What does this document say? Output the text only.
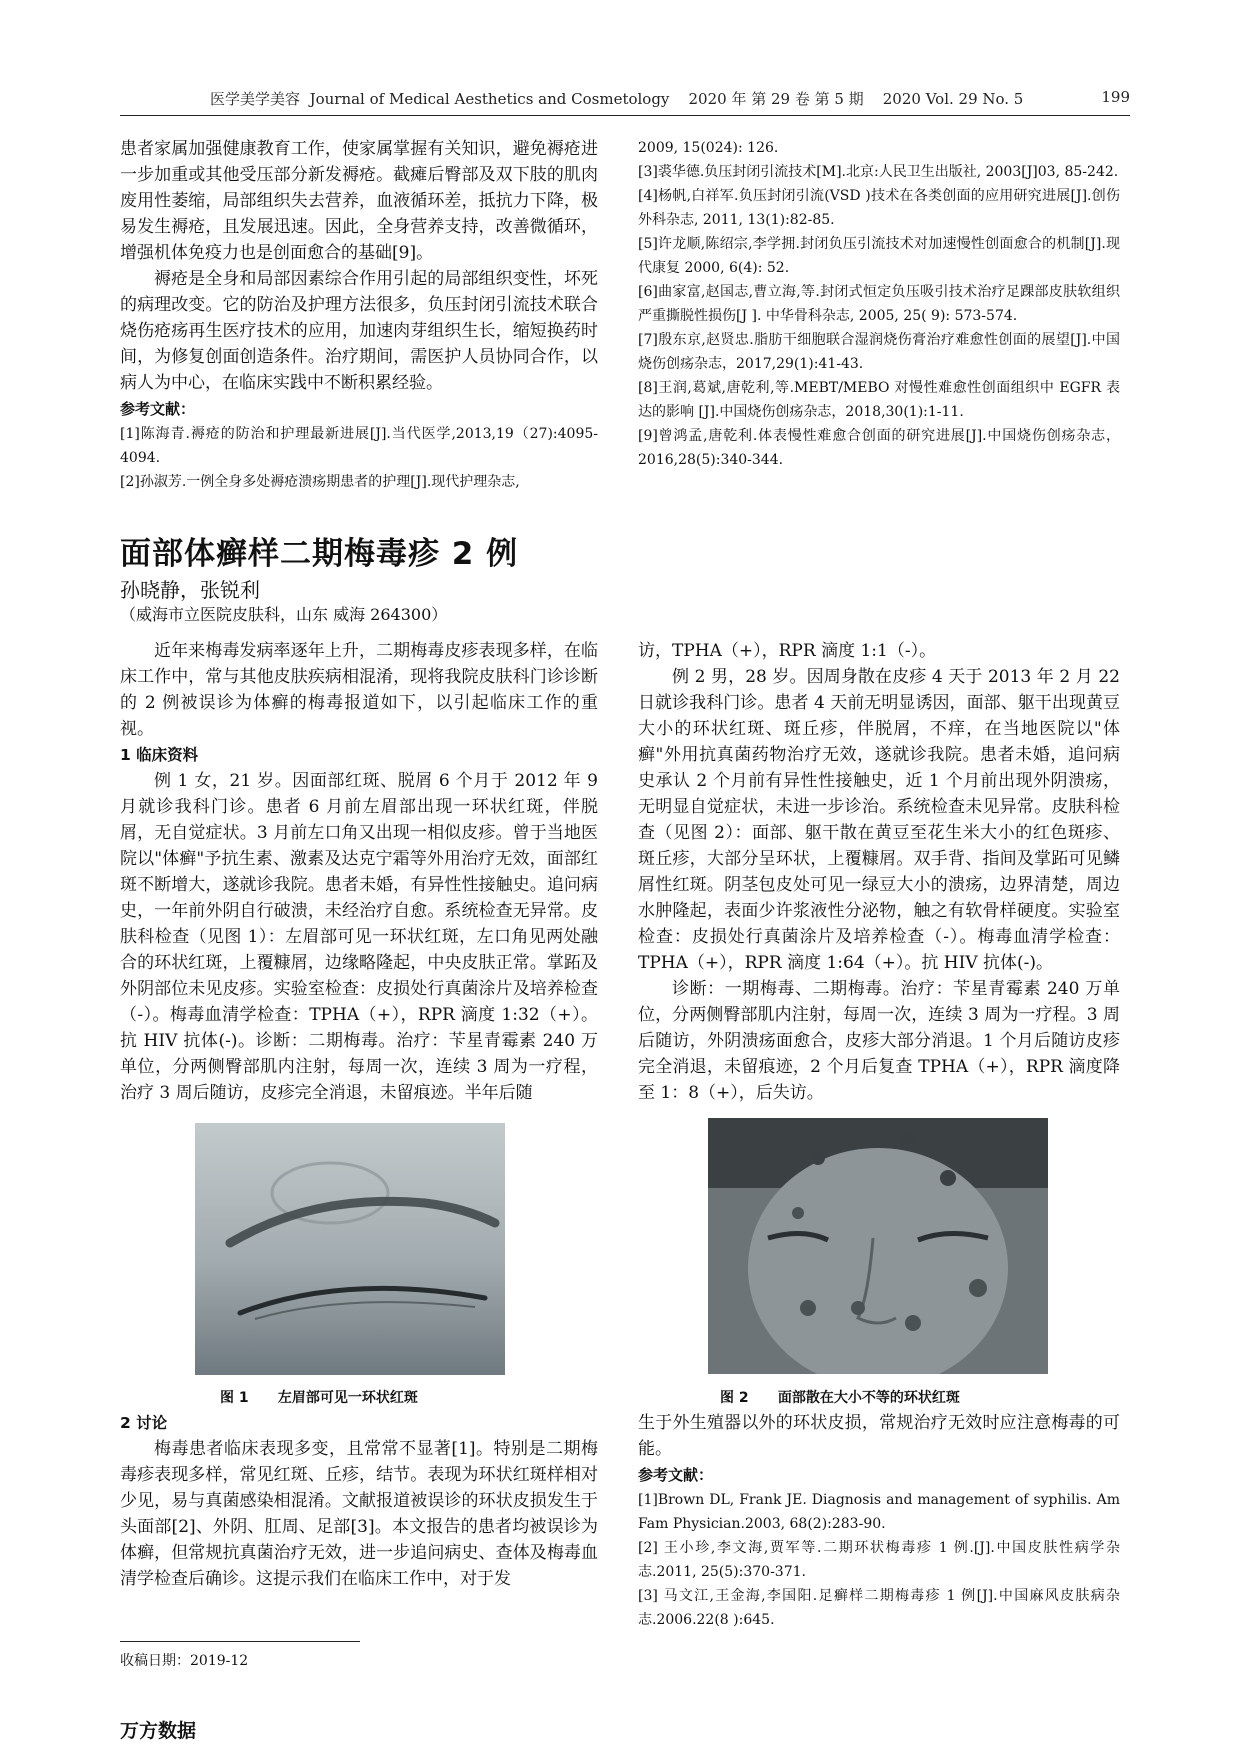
医学美学美容 Journal of Medical Aesthetics and Cosmetology 2020 年 第 29 卷 第 5 期 2020 Vol. 29 No. 5	199

患者家属加强健康教育工作，使家属掌握有关知识，避免褥疮进一步加重或其他受压部分新发褥疮。截瘫后臀部及双下肢的肌肉废用性萎缩，局部组织失去营养，血液循环差，抵抗力下降，极易发生褥疮，且发展迅速。因此，全身营养支持，改善微循环，增强机体免疫力也是创面愈合的基础[9]。

褥疮是全身和局部因素综合作用引起的局部组织变性，坏死的病理改变。它的防治及护理方法很多，负压封闭引流技术联合烧伤疮疡再生医疗技术的应用，加速肉芽组织生长，缩短换药时间，为修复创面创造条件。治疗期间，需医护人员协同合作，以病人为中心，在临床实践中不断积累经验。

参考文献：

[1]陈海青.褥疮的防治和护理最新进展[J].当代医学,2013,19（27):4095-4094.

[2]孙淑芳.一例全身多处褥疮溃疡期患者的护理[J].现代护理杂志,

2009, 15(024): 126.

[3]裘华德.负压封闭引流技术[M].北京:人民卫生出版社, 2003[J]03, 85-242.

[4]杨帆,白祥军.负压封闭引流(VSD )技术在各类创面的应用研究进展[J].创伤外科杂志, 2011, 13(1):82-85.

[5]许龙顺,陈绍宗,李学拥.封闭负压引流技术对加速慢性创面愈合的机制[J].现代康复 2000, 6(4): 52.

[6]曲家富,赵国志,曹立海,等.封闭式恒定负压吸引技术治疗足踝部皮肤软组织严重撕脱性损伤[J ]. 中华骨科杂志, 2005, 25( 9): 573-574.

[7]殷东京,赵贤忠.脂肪干细胞联合湿润烧伤膏治疗难愈性创面的展望[J].中国烧伤创疡杂志，2017,29(1):41-43.

[8]王润,葛斌,唐乾利,等.MEBT/MEBO 对慢性难愈性创面组织中 EGFR 表达的影响 [J].中国烧伤创疡杂志，2018,30(1):1-11.

[9]曾鸿孟,唐乾利.体表慢性难愈合创面的研究进展[J].中国烧伤创疡杂志，2016,28(5):340-344.

面部体癣样二期梅毒疹 2 例
孙晓静，张锐利
（威海市立医院皮肤科，山东 威海 264300）

近年来梅毒发病率逐年上升，二期梅毒皮疹表现多样，在临床工作中，常与其他皮肤疾病相混淆，现将我院皮肤科门诊诊断的 2 例被误诊为体癣的梅毒报道如下，以引起临床工作的重视。

1 临床资料

例 1 女，21 岁。因面部红斑、脱屑 6 个月于 2012 年 9 月就诊我科门诊。患者 6 月前左眉部出现一环状红斑，伴脱屑，无自觉症状。3 月前左口角又出现一相似皮疹。曾于当地医院以"体癣"予抗生素、激素及达克宁霜等外用治疗无效，面部红斑不断增大，遂就诊我院。患者未婚，有异性性接触史。追问病史，一年前外阴自行破溃，未经治疗自愈。系统检查无异常。皮肤科检查（见图 1）：左眉部可见一环状红斑，左口角见两处融合的环状红斑，上覆糠屑，边缘略隆起，中央皮肤正常。掌跖及外阴部位未见皮疹。实验室检查：皮损处行真菌涂片及培养检查（-）。梅毒血清学检查：TPHA（+），RPR 滴度 1:32（+）。抗 HIV 抗体(-)。诊断：二期梅毒。治疗：苄星青霉素 240 万单位，分两侧臀部肌内注射，每周一次，连续 3 周为一疗程，治疗 3 周后随访，皮疹完全消退，未留痕迹。半年后随

访，TPHA（+），RPR 滴度 1:1（-）。

例 2 男，28 岁。因周身散在皮疹 4 天于 2013 年 2 月 22 日就诊我科门诊。患者 4 天前无明显诱因，面部、躯干出现黄豆大小的环状红斑、斑丘疹，伴脱屑，不痒，在当地医院以"体癣"外用抗真菌药物治疗无效，遂就诊我院。患者未婚，追问病史承认 2 个月前有异性性接触史，近 1 个月前出现外阴溃疡，无明显自觉症状，未进一步诊治。系统检查未见异常。皮肤科检查（见图 2）：面部、躯干散在黄豆至花生米大小的红色斑疹、斑丘疹，大部分呈环状，上覆糠屑。双手背、指间及掌跖可见鳞屑性红斑。阴茎包皮处可见一绿豆大小的溃疡，边界清楚，周边水肿隆起，表面少许浆液性分泌物，触之有软骨样硬度。实验室检查：皮损处行真菌涂片及培养检查（-）。梅毒血清学检查：TPHA（+），RPR 滴度 1:64（+）。抗 HIV 抗体(-)。

诊断：一期梅毒、二期梅毒。治疗：苄星青霉素 240 万单位，分两侧臀部肌内注射，每周一次，连续 3 周为一疗程。3 周后随访，外阴溃疡面愈合，皮疹大部分消退。1 个月后随访皮疹完全消退，未留痕迹，2 个月后复查 TPHA（+），RPR 滴度降至 1：8（+），后失访。

图 1 左眉部可见一环状红斑	图 2 面部散在大小不等的环状红斑

2 讨论

梅毒患者临床表现多变，且常常不显著[1]。特别是二期梅毒疹表现多样，常见红斑、丘疹，结节。表现为环状红斑样相对少见，易与真菌感染相混淆。文献报道被误诊的环状皮损发生于头面部[2]、外阴、肛周、足部[3]。本文报告的患者均被误诊为体癣，但常规抗真菌治疗无效，进一步追问病史、查体及梅毒血清学检查后确诊。这提示我们在临床工作中，对于发

生于外生殖器以外的环状皮损，常规治疗无效时应注意梅毒的可能。

参考文献：

[1]Brown DL, Frank JE. Diagnosis and management of syphilis. Am Fam Physician.2003, 68(2):283-90.

[2] 王小珍,李文海,贾军等.二期环状梅毒疹 1 例.[J].中国皮肤性病学杂志.2011, 25(5):370-371.

[3] 马文江,王金海,李国阳.足癣样二期梅毒疹 1 例[J].中国麻风皮肤病杂志.2006.22(8 ):645.

收稿日期：2019-12
万方数据
